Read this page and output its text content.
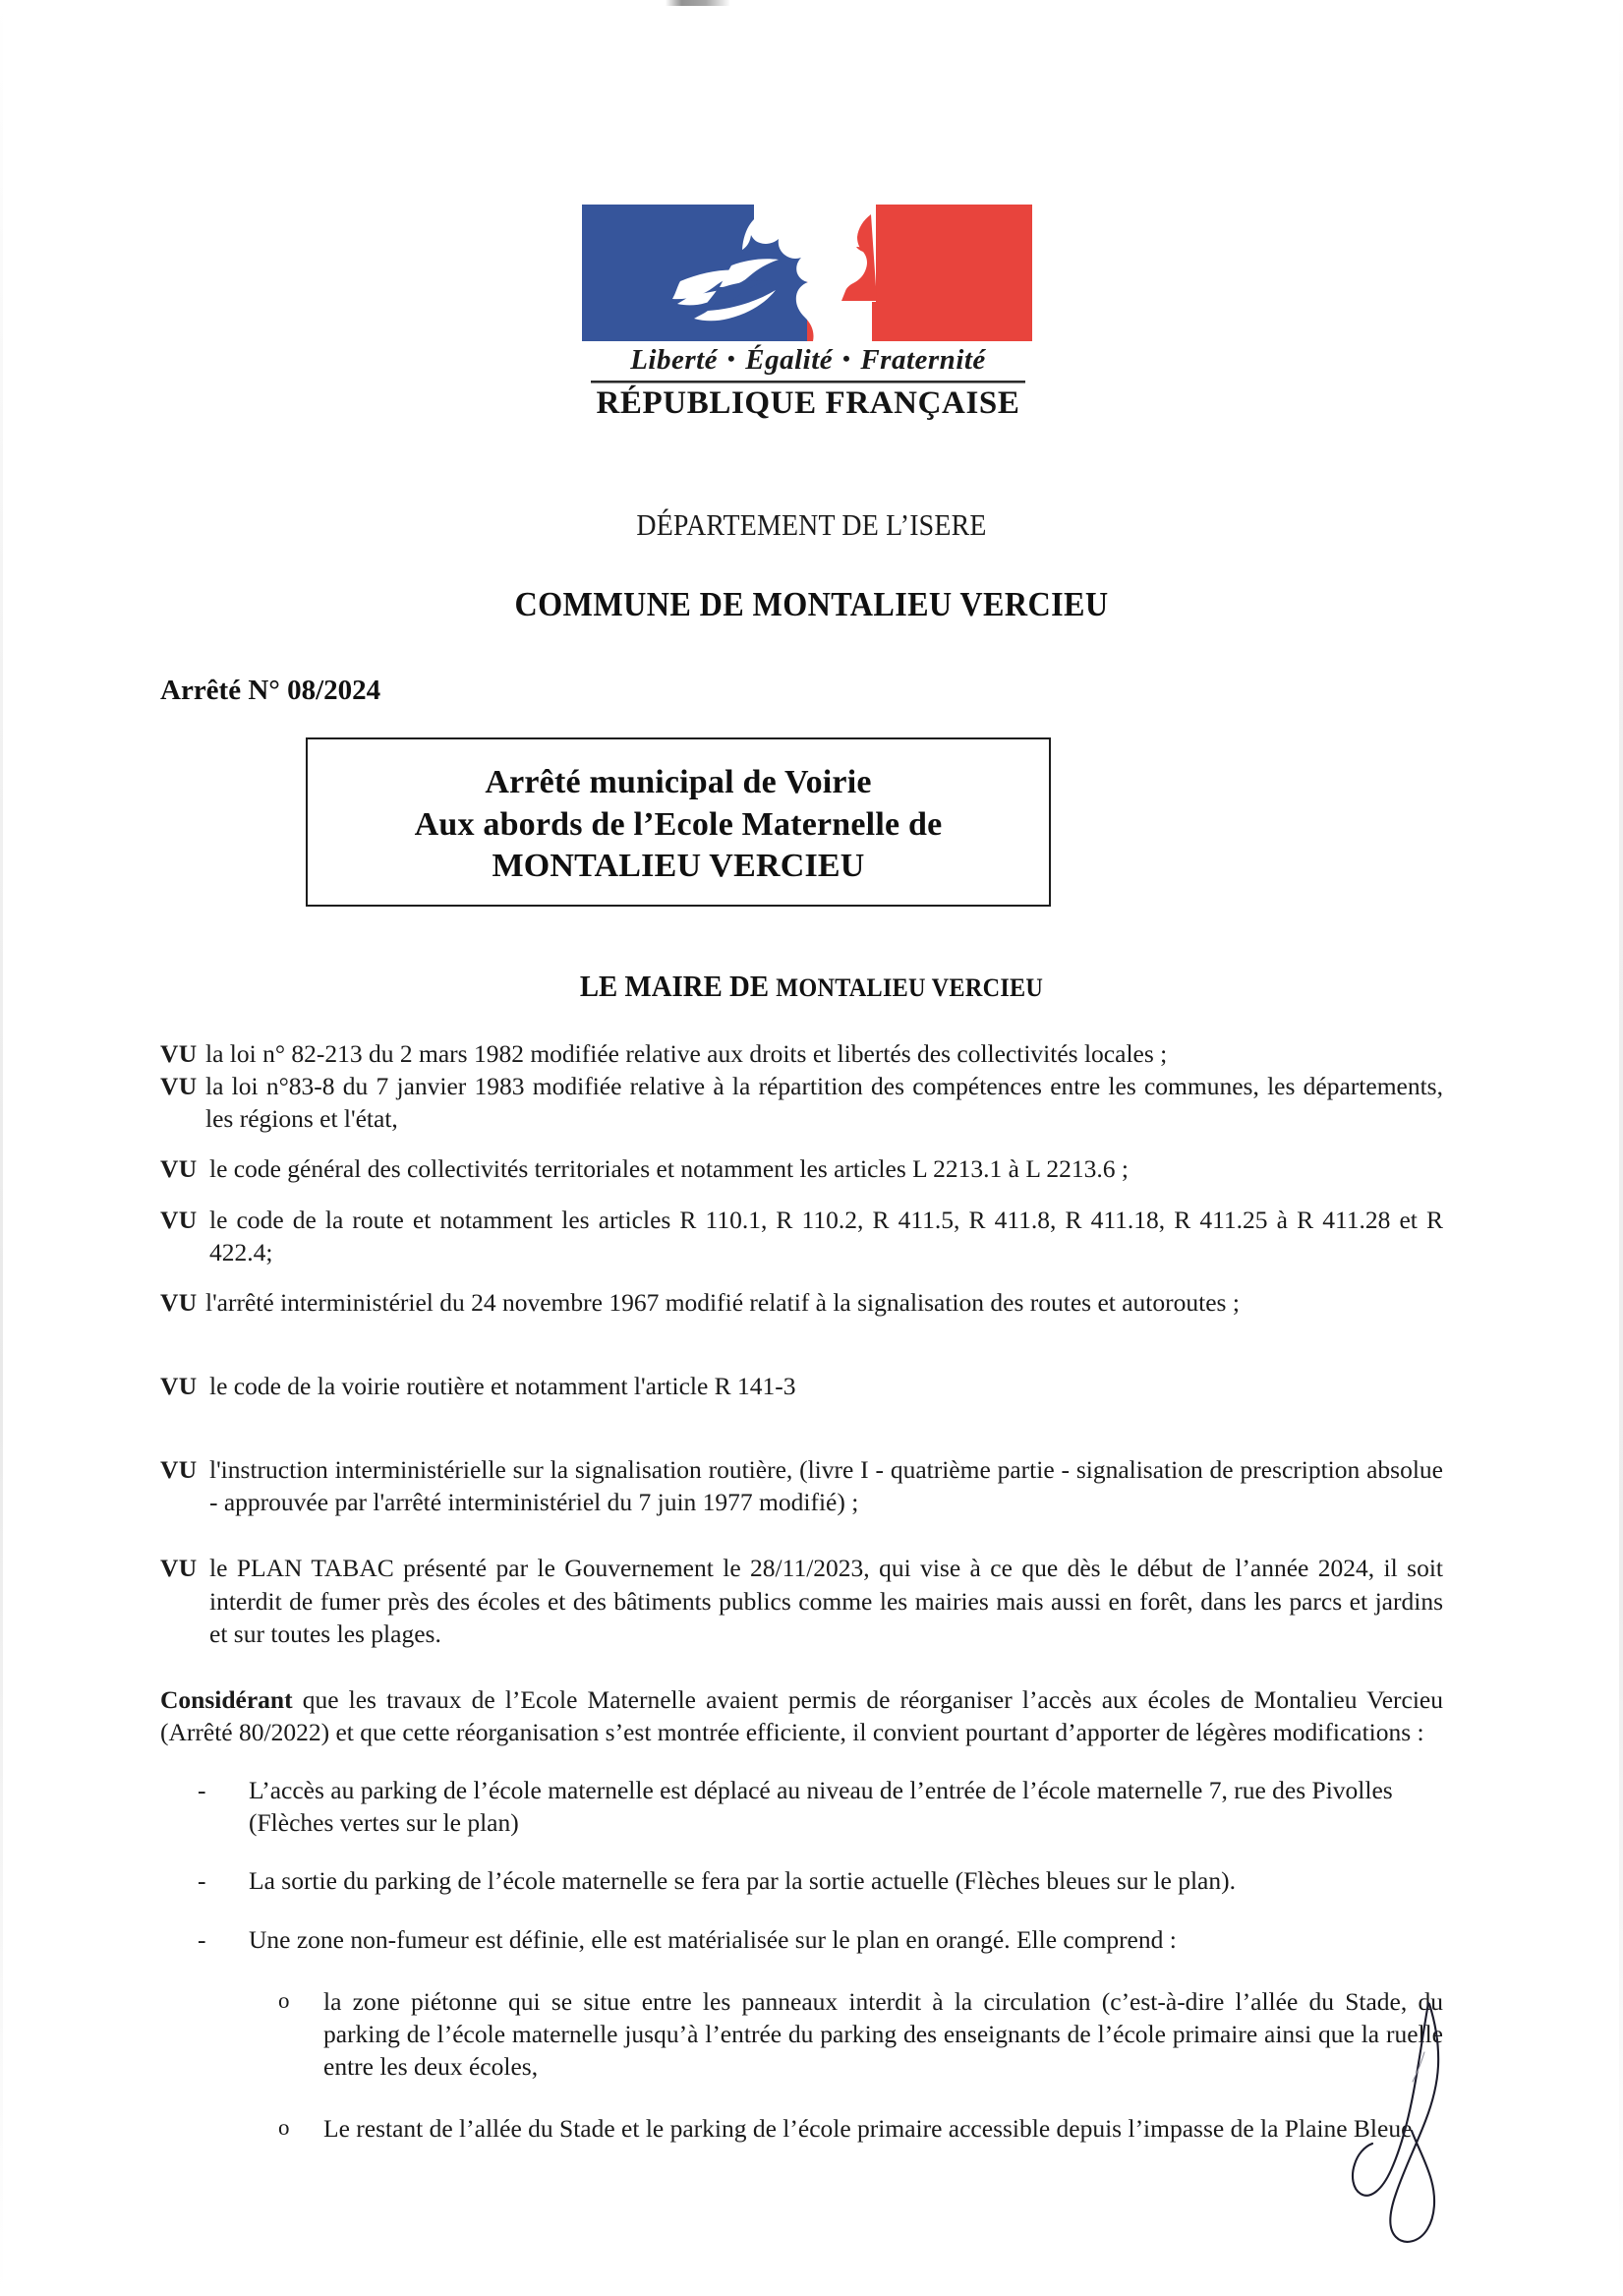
Liberté • Égalité • Fraternité
RÉPUBLIQUE FRANÇAISE
DÉPARTEMENT DE L’ISERE
COMMUNE DE MONTALIEU VERCIEU
Arrêté N° 08/2024
Arrêté municipal de Voirie
Aux abords de l’Ecole Maternelle de
MONTALIEU VERCIEU
LE MAIRE DE MONTALIEU VERCIEU
VU la loi n° 82-213 du 2 mars 1982 modifiée relative aux droits et libertés des collectivités locales ;
VU la loi n°83-8 du 7 janvier 1983 modifiée relative à la répartition des compétences entre les communes, les départements, les régions et l'état,
VU le code général des collectivités territoriales et notamment les articles L 2213.1 à L 2213.6 ;
VU le code de la route et notamment les articles R 110.1, R 110.2, R 411.5, R 411.8, R 411.18, R 411.25 à R 411.28 et R 422.4;
VU l'arrêté interministériel du 24 novembre 1967 modifié relatif à la signalisation des routes et autoroutes ;
VU le code de la voirie routière et notamment l'article R 141-3
VU l'instruction interministérielle sur la signalisation routière, (livre I - quatrième partie - signalisation de prescription absolue - approuvée par l'arrêté interministériel du 7 juin 1977 modifié) ;
VU le PLAN TABAC présenté par le Gouvernement le 28/11/2023, qui vise à ce que dès le début de l’année 2024, il soit interdit de fumer près des écoles et des bâtiments publics comme les mairies mais aussi en forêt, dans les parcs et jardins et sur toutes les plages.
Considérant que les travaux de l’Ecole Maternelle avaient permis de réorganiser l’accès aux écoles de Montalieu Vercieu (Arrêté 80/2022) et que cette réorganisation s’est montrée efficiente, il convient pourtant d’apporter de légères modifications :
-	L’accès au parking de l’école maternelle est déplacé au niveau de l’entrée de l’école maternelle 7, rue des Pivolles (Flèches vertes sur le plan)
-	La sortie du parking de l’école maternelle se fera par la sortie actuelle (Flèches bleues sur le plan).
-	Une zone non-fumeur est définie, elle est matérialisée sur le plan en orangé. Elle comprend :
o	la zone piétonne qui se situe entre les panneaux interdit à la circulation (c’est-à-dire l’allée du Stade, du parking de l’école maternelle jusqu’à l’entrée du parking des enseignants de l’école primaire ainsi que la ruelle entre les deux écoles,
o	Le restant de l’allée du Stade et le parking de l’école primaire accessible depuis l’impasse de la Plaine Bleue
